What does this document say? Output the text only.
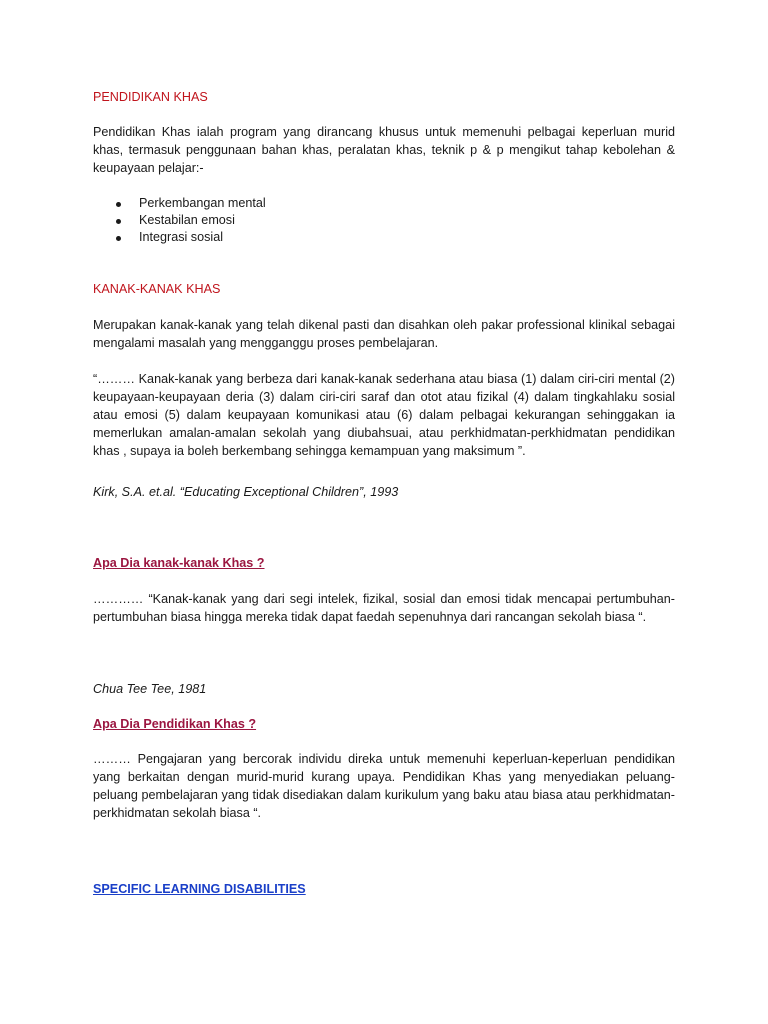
PENDIDIKAN KHAS
Pendidikan Khas ialah program yang dirancang khusus untuk memenuhi pelbagai keperluan murid khas, termasuk penggunaan bahan khas, peralatan khas, teknik p & p mengikut tahap kebolehan & keupayaan pelajar:-
Perkembangan mental
Kestabilan emosi
Integrasi sosial
KANAK-KANAK KHAS
Merupakan kanak-kanak yang telah dikenal pasti dan disahkan oleh pakar professional klinikal sebagai mengalami masalah yang mengganggu proses pembelajaran.
“……… Kanak-kanak yang berbeza dari kanak-kanak sederhana atau biasa (1) dalam ciri-ciri mental (2) keupayaan-keupayaan deria (3) dalam ciri-ciri saraf dan otot atau fizikal (4) dalam tingkahlaku sosial atau emosi (5) dalam keupayaan komunikasi atau (6) dalam pelbagai kekurangan sehinggakan ia memerlukan amalan-amalan sekolah yang diubahsuai, atau perkhidmatan-perkhidmatan pendidikan khas , supaya ia boleh berkembang sehingga kemampuan yang maksimum ”.
Kirk, S.A. et.al. “Educating Exceptional Children”, 1993
Apa Dia kanak-kanak Khas ?
………… “Kanak-kanak yang dari segi intelek, fizikal, sosial dan emosi tidak mencapai pertumbuhan-pertumbuhan biasa hingga mereka tidak dapat faedah sepenuhnya dari rancangan sekolah biasa “.
Chua Tee Tee, 1981
Apa Dia Pendidikan Khas ?
……… Pengajaran yang bercorak individu direka untuk memenuhi keperluan-keperluan pendidikan yang berkaitan dengan murid-murid kurang upaya. Pendidikan Khas yang menyediakan peluang-peluang pembelajaran yang tidak disediakan dalam kurikulum yang baku atau biasa atau perkhidmatan-perkhidmatan sekolah biasa “.
SPECIFIC LEARNING DISABILITIES
